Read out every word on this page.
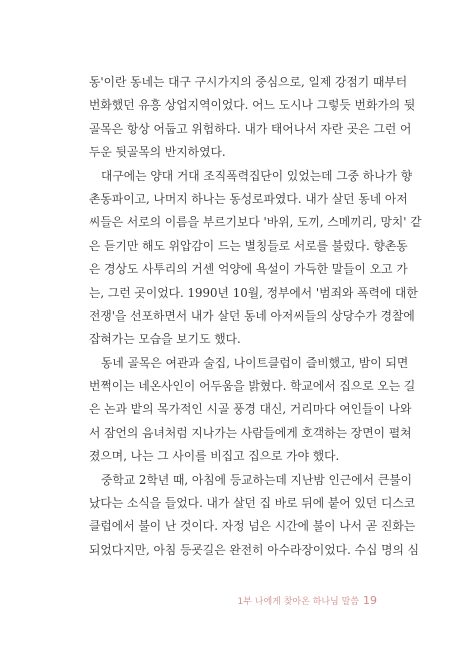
동'이란 동네는 대구 구시가지의 중심으로, 일제 강점기 때부터
번화했던 유흥 상업지역이었다. 어느 도시나 그렇듯 번화가의 뒷
골목은 항상 어둡고 위험하다. 내가 태어나서 자란 곳은 그런 어
두운 뒷골목의 반지하였다.
대구에는 양대 거대 조직폭력집단이 있었는데 그중 하나가 향
촌동파이고, 나머지 하나는 동성로파였다. 내가 살던 동네 아저
씨들은 서로의 이름을 부르기보다 '바위, 도끼, 스메끼리, 망치' 같
은 듣기만 해도 위압감이 드는 별칭들로 서로를 불렀다. 향촌동
은 경상도 사투리의 거센 억양에 욕설이 가득한 말들이 오고 가
는, 그런 곳이었다. 1990년 10월, 정부에서 '범죄와 폭력에 대한
전쟁'을 선포하면서 내가 살던 동네 아저씨들의 상당수가 경찰에
잡혀가는 모습을 보기도 했다.
동네 골목은 여관과 술집, 나이트클럽이 즐비했고, 밤이 되면
번쩍이는 네온사인이 어두움을 밝혔다. 학교에서 집으로 오는 길
은 논과 밭의 목가적인 시골 풍경 대신, 거리마다 여인들이 나와
서 잠언의 음녀처럼 지나가는 사람들에게 호객하는 장면이 펼쳐
졌으며, 나는 그 사이를 비집고 집으로 가야 했다.
중학교 2학년 때, 아침에 등교하는데 지난밤 인근에서 큰불이
났다는 소식을 들었다. 내가 살던 집 바로 뒤에 붙어 있던 디스코
클럽에서 불이 난 것이다. 자정 넘은 시간에 불이 나서 곧 진화는
되었다지만, 아침 등굣길은 완전히 아수라장이었다. 수십 명의 심
1부 나에게 찾아온 하나님 말씀 19
